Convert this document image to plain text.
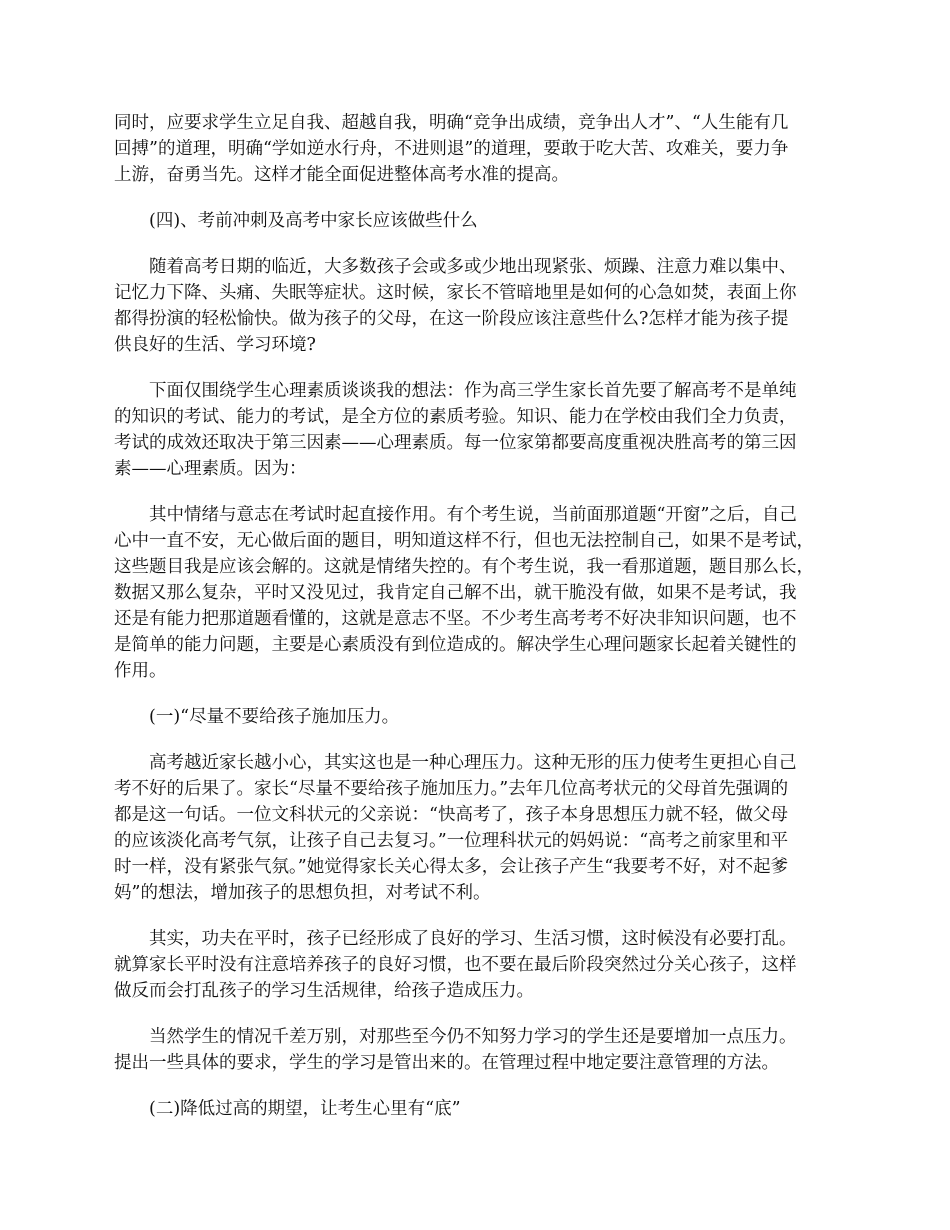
同时，应要求学生立足自我、超越自我，明确“竞争出成绩，竞争出人才”、“人生能有几
回搏”的道理，明确“学如逆水行舟，不进则退”的道理，要敢于吃大苦、攻难关，要力争
上游，奋勇当先。这样才能全面促进整体高考水准的提高。
(四)、考前冲刺及高考中家长应该做些什么
随着高考日期的临近，大多数孩子会或多或少地出现紧张、烦躁、注意力难以集中、
记忆力下降、头痛、失眠等症状。这时候，家长不管暗地里是如何的心急如焚，表面上你
都得扮演的轻松愉快。做为孩子的父母，在这一阶段应该注意些什么?怎样才能为孩子提
供良好的生活、学习环境?
下面仅围绕学生心理素质谈谈我的想法：作为高三学生家长首先要了解高考不是单纯
的知识的考试、能力的考试，是全方位的素质考验。知识、能力在学校由我们全力负责，
考试的成效还取决于第三因素——心理素质。每一位家第都要高度重视决胜高考的第三因
素——心理素质。因为：
其中情绪与意志在考试时起直接作用。有个考生说，当前面那道题“开窗”之后，自己
心中一直不安，无心做后面的题目，明知道这样不行，但也无法控制自己，如果不是考试，
这些题目我是应该会解的。这就是情绪失控的。有个考生说，我一看那道题，题目那么长，
数据又那么复杂，平时又没见过，我肯定自己解不出，就干脆没有做，如果不是考试，我
还是有能力把那道题看懂的，这就是意志不坚。不少考生高考考不好决非知识问题，也不
是简单的能力问题，主要是心素质没有到位造成的。解决学生心理问题家长起着关键性的
作用。
(一)“尽量不要给孩子施加压力。
高考越近家长越小心，其实这也是一种心理压力。这种无形的压力使考生更担心自己
考不好的后果了。家长“尽量不要给孩子施加压力。”去年几位高考状元的父母首先强调的
都是这一句话。一位文科状元的父亲说：“快高考了，孩子本身思想压力就不轻，做父母
的应该淡化高考气氛，让孩子自己去复习。”一位理科状元的妈妈说：“高考之前家里和平
时一样，没有紧张气氛。”她觉得家长关心得太多，会让孩子产生“我要考不好，对不起爹
妈”的想法，增加孩子的思想负担，对考试不利。
其实，功夫在平时，孩子已经形成了良好的学习、生活习惯，这时候没有必要打乱。
就算家长平时没有注意培养孩子的良好习惯，也不要在最后阶段突然过分关心孩子，这样
做反而会打乱孩子的学习生活规律，给孩子造成压力。
当然学生的情况千差万别，对那些至今仍不知努力学习的学生还是要增加一点压力。
提出一些具体的要求，学生的学习是管出来的。在管理过程中地定要注意管理的方法。
(二)降低过高的期望，让考生心里有“底”
